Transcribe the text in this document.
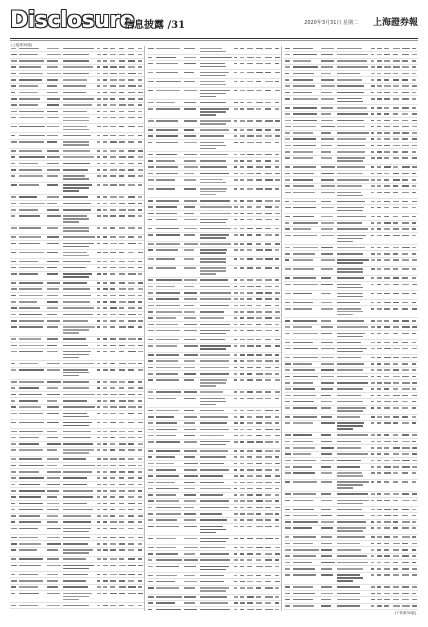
Disclosure
信息披露 /31	2020年3月31日 星期二 上海證券報
(上接第30版)
(下转第32版)
